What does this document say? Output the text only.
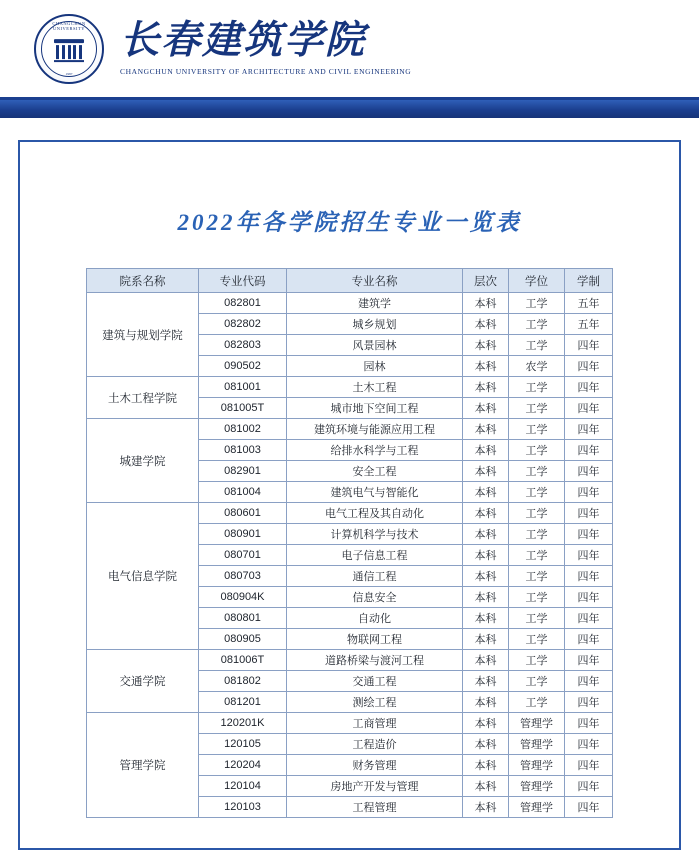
CHANGCHUN UNIVERSITY
1987
长春建筑学院
CHANGCHUN UNIVERSITY OF ARCHITECTURE AND CIVIL ENGINEERING
2022年各学院招生专业一览表
院系名称	专业代码	专业名称	层次	学位	学制
建筑与规划学院	082801	建筑学	本科	工学	五年
	082802	城乡规划	本科	工学	五年
	082803	风景园林	本科	工学	四年
	090502	园林	本科	农学	四年
土木工程学院	081001	土木工程	本科	工学	四年
	081005T	城市地下空间工程	本科	工学	四年
城建学院	081002	建筑环境与能源应用工程	本科	工学	四年
	081003	给排水科学与工程	本科	工学	四年
	082901	安全工程	本科	工学	四年
	081004	建筑电气与智能化	本科	工学	四年
电气信息学院	080601	电气工程及其自动化	本科	工学	四年
	080901	计算机科学与技术	本科	工学	四年
	080701	电子信息工程	本科	工学	四年
	080703	通信工程	本科	工学	四年
	080904K	信息安全	本科	工学	四年
	080801	自动化	本科	工学	四年
	080905	物联网工程	本科	工学	四年
交通学院	081006T	道路桥梁与渡河工程	本科	工学	四年
	081802	交通工程	本科	工学	四年
	081201	测绘工程	本科	工学	四年
管理学院	120201K	工商管理	本科	管理学	四年
	120105	工程造价	本科	管理学	四年
	120204	财务管理	本科	管理学	四年
	120104	房地产开发与管理	本科	管理学	四年
	120103	工程管理	本科	管理学	四年
